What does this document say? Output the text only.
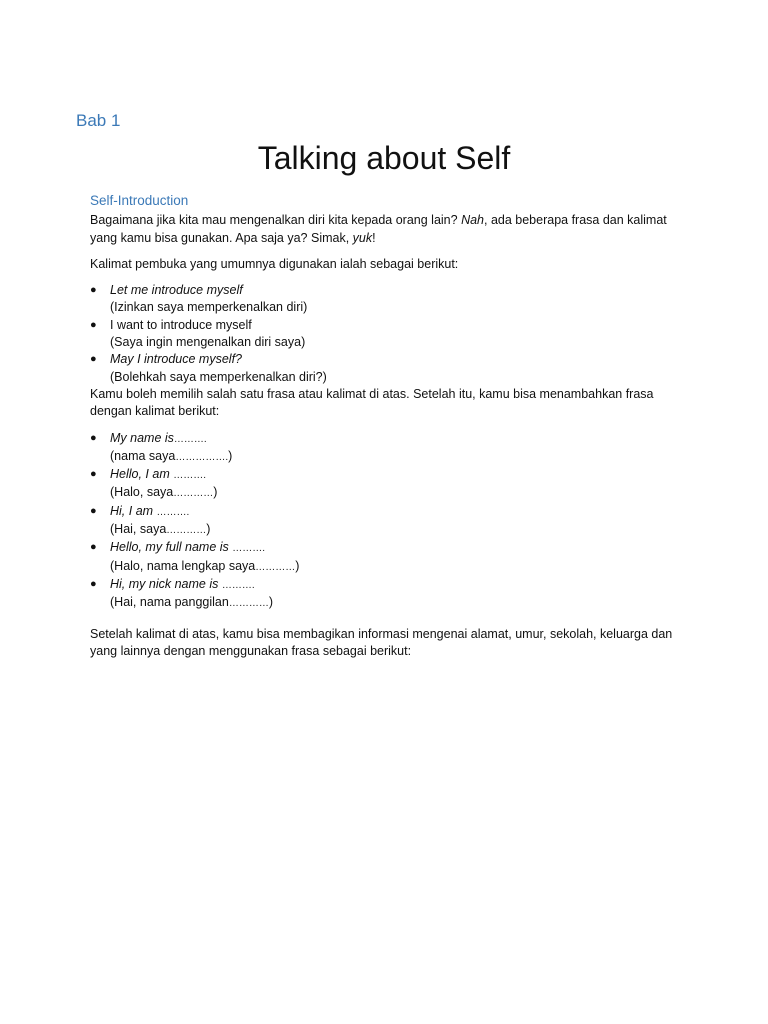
Bab 1
Talking about Self
Self-Introduction

Bagaimana jika kita mau mengenalkan diri kita kepada orang lain? Nah, ada beberapa frasa dan kalimat yang kamu bisa gunakan. Apa saja ya? Simak, yuk!

Kalimat pembuka yang umumnya digunakan ialah sebagai berikut:

● Let me introduce myself
(Izinkan saya memperkenalkan diri)
● I want to introduce myself
(Saya ingin mengenalkan diri saya)
● May I introduce myself?
(Bolehkah saya memperkenalkan diri?)

Kamu boleh memilih salah satu frasa atau kalimat di atas. Setelah itu, kamu bisa menambahkan frasa dengan kalimat berikut:

● My name is……….
(nama saya…………….)
● Hello, I am ……….
(Halo, saya…………)
● Hi, I am ……….
(Hai, saya…………)
● Hello, my full name is ……….
(Halo, nama lengkap saya…………)
● Hi, my nick name is ……….
(Hai, nama panggilan…………)

Setelah kalimat di atas, kamu bisa membagikan informasi mengenai alamat, umur, sekolah, keluarga dan yang lainnya dengan menggunakan frasa sebagai berikut:
